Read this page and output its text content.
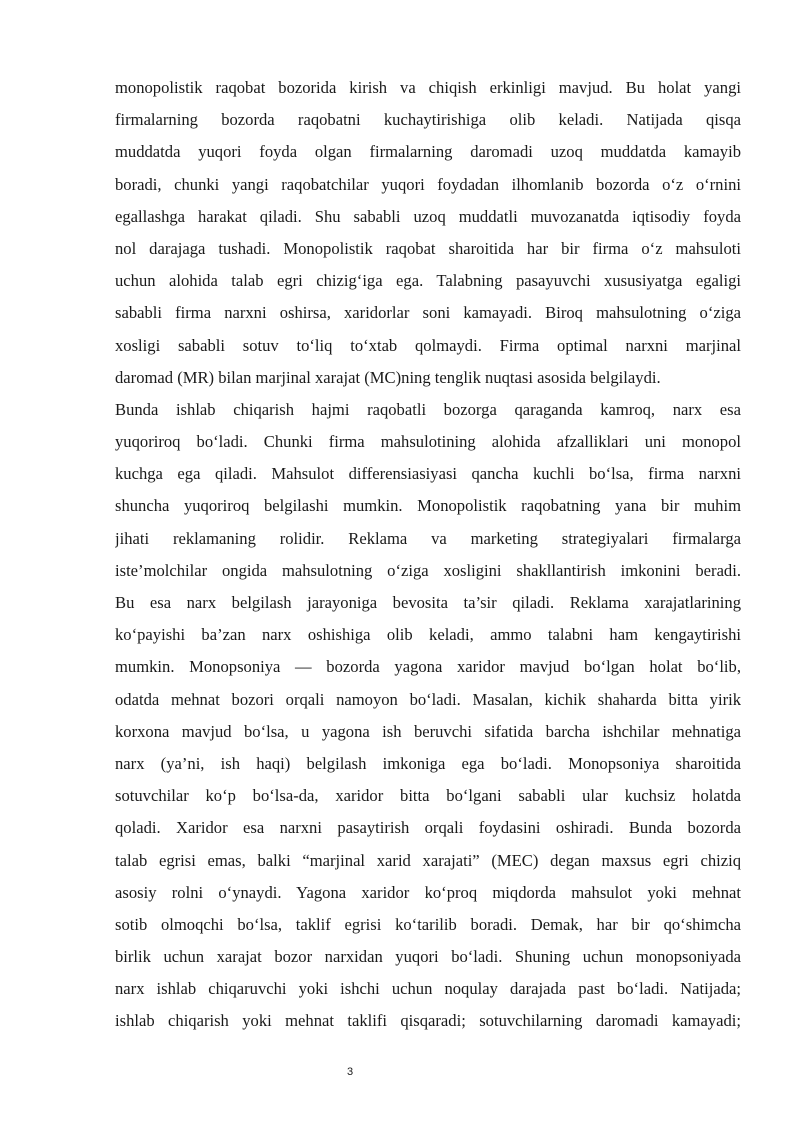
monopolistik raqobat bozorida kirish va chiqish erkinligi mavjud. Bu holat yangi
firmalarning bozorda raqobatni kuchaytirishiga olib keladi. Natijada qisqa
muddatda yuqori foyda olgan firmalarning daromadi uzoq muddatda kamayib
boradi, chunki yangi raqobatchilar yuqori foydadan ilhomlanib bozorda o‘z o‘rnini
egallashga harakat qiladi. Shu sababli uzoq muddatli muvozanatda iqtisodiy foyda
nol darajaga tushadi. Monopolistik raqobat sharoitida har bir firma o‘z mahsuloti
uchun alohida talab egri chizig‘iga ega. Talabning pasayuvchi xususiyatga egaligi
sababli firma narxni oshirsa, xaridorlar soni kamayadi. Biroq mahsulotning o‘ziga
xosligi sababli sotuv to‘liq to‘xtab qolmaydi. Firma optimal narxni marjinal
daromad (MR) bilan marjinal xarajat (MC)ning tenglik nuqtasi asosida belgilaydi.
Bunda ishlab chiqarish hajmi raqobatli bozorga qaraganda kamroq, narx esa
yuqoriroq bo‘ladi. Chunki firma mahsulotining alohida afzalliklari uni monopol
kuchga ega qiladi. Mahsulot differensiasiyasi qancha kuchli bo‘lsa, firma narxni
shuncha yuqoriroq belgilashi mumkin. Monopolistik raqobatning yana bir muhim
jihati reklamaning rolidir. Reklama va marketing strategiyalari firmalarga
iste’molchilar ongida mahsulotning o‘ziga xosligini shakllantirish imkonini beradi.
Bu esa narx belgilash jarayoniga bevosita ta’sir qiladi. Reklama xarajatlarining
ko‘payishi ba’zan narx oshishiga olib keladi, ammo talabni ham kengaytirishi
mumkin. Monopsoniya — bozorda yagona xaridor mavjud bo‘lgan holat bo‘lib,
odatda mehnat bozori orqali namoyon bo‘ladi. Masalan, kichik shaharda bitta yirik
korxona mavjud bo‘lsa, u yagona ish beruvchi sifatida barcha ishchilar mehnatiga
narx (ya’ni, ish haqi) belgilash imkoniga ega bo‘ladi. Monopsoniya sharoitida
sotuvchilar ko‘p bo‘lsa-da, xaridor bitta bo‘lgani sababli ular kuchsiz holatda
qoladi. Xaridor esa narxni pasaytirish orqali foydasini oshiradi. Bunda bozorda
talab egrisi emas, balki “marjinal xarid xarajati” (MEC) degan maxsus egri chiziq
asosiy rolni o‘ynaydi. Yagona xaridor ko‘proq miqdorda mahsulot yoki mehnat
sotib olmoqchi bo‘lsa, taklif egrisi ko‘tarilib boradi. Demak, har bir qo‘shimcha
birlik uchun xarajat bozor narxidan yuqori bo‘ladi. Shuning uchun monopsoniyada
narx ishlab chiqaruvchi yoki ishchi uchun noqulay darajada past bo‘ladi. Natijada;
ishlab chiqarish yoki mehnat taklifi qisqaradi; sotuvchilarning daromadi kamayadi;
3
